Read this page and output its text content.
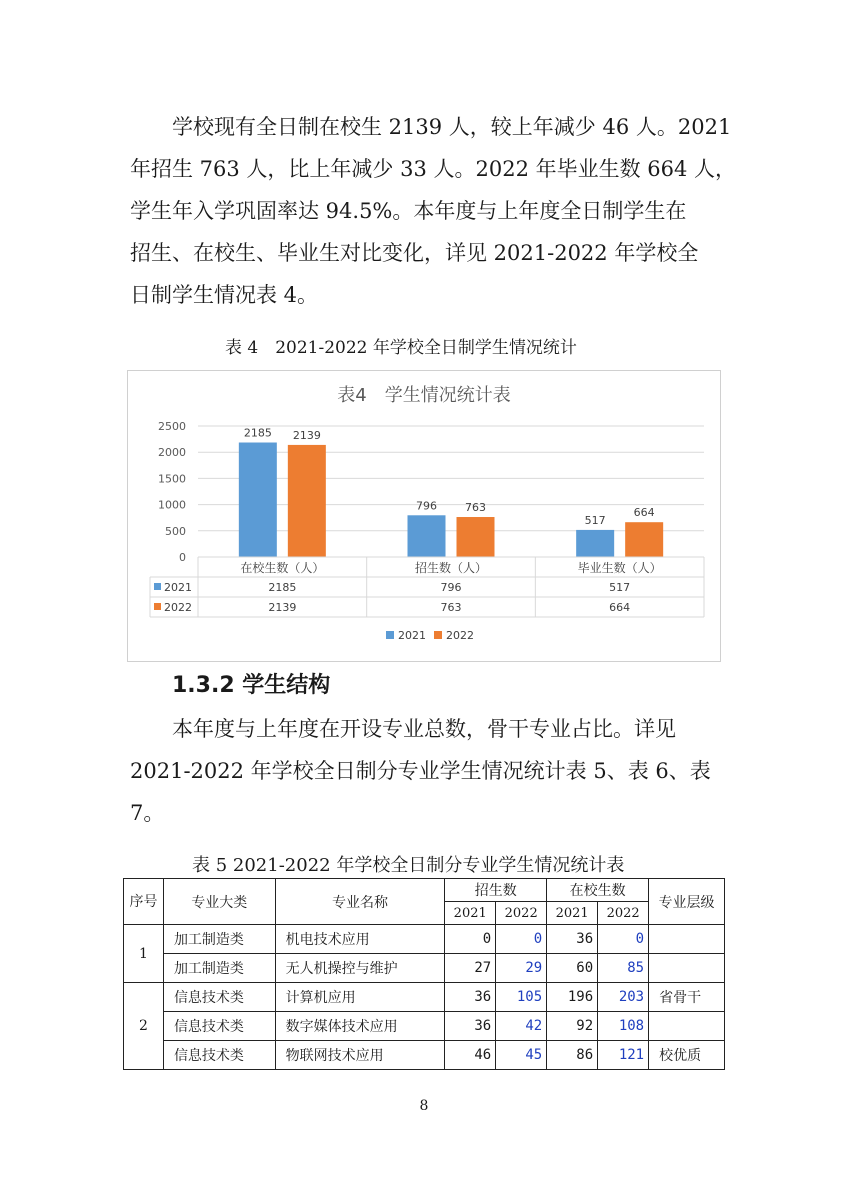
学校现有全日制在校生 2139 人，较上年减少 46 人。2021
年招生 763 人，比上年减少 33 人。2022 年毕业生数 664 人，
学生年入学巩固率达 94.5%。本年度与上年度全日制学生在
招生、在校生、毕业生对比变化，详见 2021-2022 年学校全
日制学生情况表 4。

表 4　2021-2022 年学校全日制学生情况统计
表4　学生情况统计表
0
500
1000
1500
2000
2500
2185
796
517
2139
763	664
在校生数（人）	招生数（人）	毕业生数（人）
2021	2185	796	517
2022	2139	763	664
2021 2022
1.3.2 学生结构

本年度与上年度在开设专业总数，骨干专业占比。详见
2021-2022 年学校全日制分专业学生情况统计表 5、表 6、表
7。

表 5 2021-2022 年学校全日制分专业学生情况统计表
序号	专业大类	专业名称	招生数		在校生数		专业层级
			2021	2022	2021	2022	
1	加工制造类	机电技术应用	0	0	36	0	
	加工制造类	无人机操控与维护	27	29	60	85	
2	信息技术类	计算机应用	36	105	196	203	省骨干
	信息技术类	数字媒体技术应用	36	42	92	108	
	信息技术类	物联网技术应用	46	45	86	121	校优质
8
